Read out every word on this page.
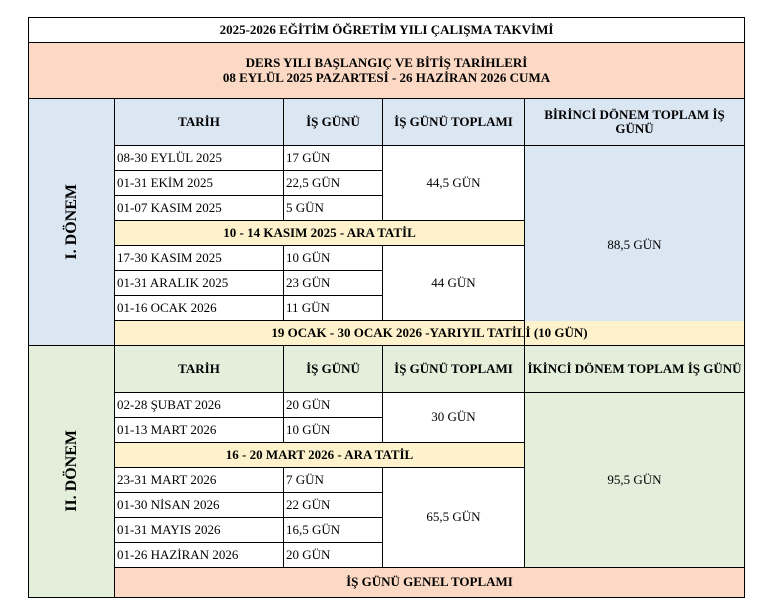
2025-2026 EĞİTİM ÖĞRETİM YILI ÇALIŞMA TAKVİMİ					

DERS YILI BAŞLANGIÇ VE BİTİŞ TARİHLERİ
08 EYLÜL 2025 PAZARTESİ - 26 HAZİRAN 2026 CUMA					

I. DÖNEM	TARİH	İŞ GÜNÜ	İŞ GÜNÜ TOPLAMI	BİRİNCİ DÖNEM TOPLAM İŞ GÜNÜ	
	08-30 EYLÜL 2025	17 GÜN	44,5 GÜN	88,5 GÜN	
	01-31 EKİM 2025	22,5 GÜN			
	01-07 KASIM 2025	5 GÜN			
	10 - 14 KASIM 2025 - ARA TATİL				
	17-30 KASIM 2025	10 GÜN	44 GÜN		
	01-31 ARALIK 2025	23 GÜN			
	01-16 OCAK 2026	11 GÜN			
	19 OCAK - 30 OCAK 2026 -YARIYIL TATİLİ (10 GÜN)				

II. DÖNEM	TARİH	İŞ GÜNÜ	İŞ GÜNÜ TOPLAMI	İKİNCİ DÖNEM TOPLAM İŞ GÜNÜ	
	02-28 ŞUBAT 2026	20 GÜN	30 GÜN	95,5 GÜN	
	01-13 MART 2026	10 GÜN			
	16 - 20 MART 2026 - ARA TATİL				
	23-31 MART 2026	7 GÜN	65,5 GÜN		
	01-30 NİSAN 2026	22 GÜN			
	01-31 MAYIS 2026	16,5 GÜN			
	01-26 HAZİRAN 2026	20 GÜN			
	İŞ GÜNÜ GENEL TOPLAMI	
